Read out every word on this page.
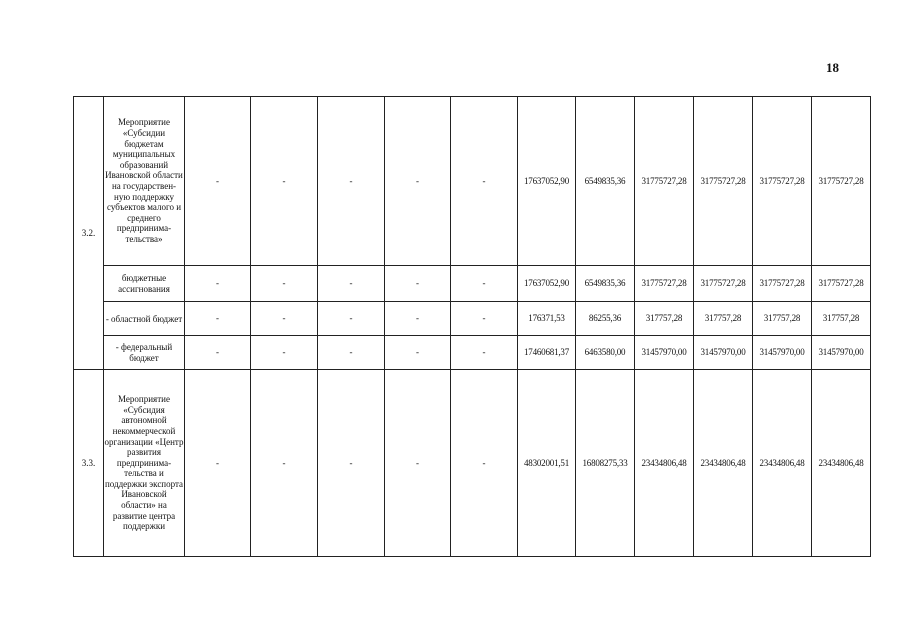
18
3.2.	Мероприятие «Субсидии бюджетам муниципальных образований Ивановской области на государствен-ную поддержку субъектов малого и среднего предпринима-тельства»	-	-	-	-	-	17637052,90	6549835,36	31775727,28	31775727,28	31775727,28	31775727,28
	бюджетные ассигнования	-	-	-	-	-	17637052,90	6549835,36	31775727,28	31775727,28	31775727,28	31775727,28
	- областной бюджет	-	-	-	-	-	176371,53	86255,36	317757,28	317757,28	317757,28	317757,28
	- федеральный бюджет	-	-	-	-	-	17460681,37	6463580,00	31457970,00	31457970,00	31457970,00	31457970,00
3.3.	Мероприятие «Субсидия автономной некоммерческой организации «Центр развития предпринима-тельства и поддержки экспорта Ивановской области» на развитие центра поддержки	-	-	-	-	-	48302001,51	16808275,33	23434806,48	23434806,48	23434806,48	23434806,48
